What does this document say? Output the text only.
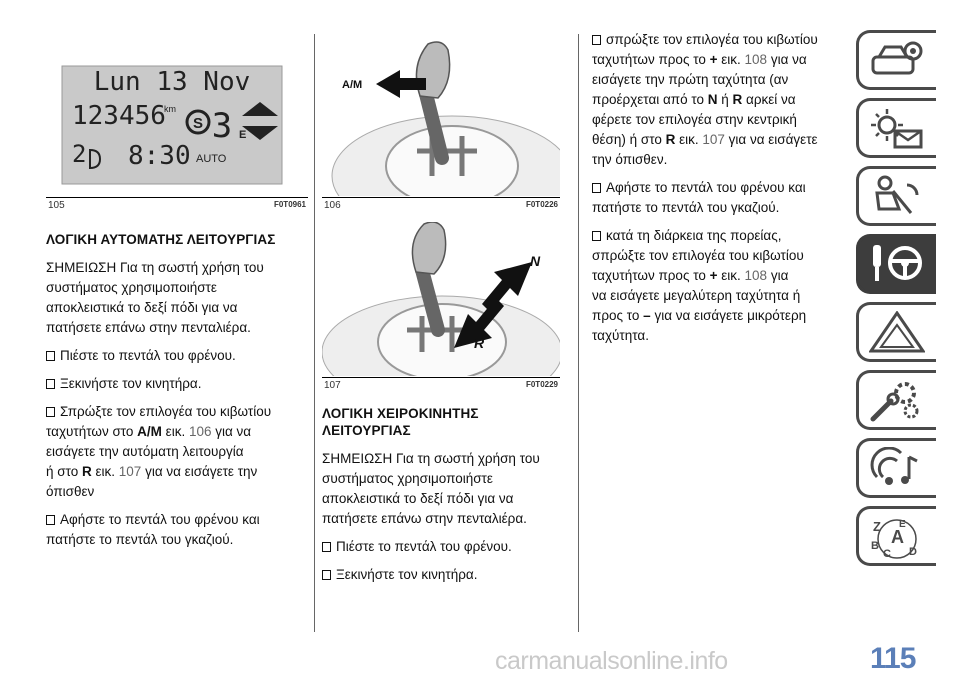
Lun 13 Nov
123456
km
S 3 E
2 8:30 AUTO
105	F0T0961
ΛΟΓΙΚΗ ΑΥΤΟΜΑΤΗΣ ΛΕΙΤΟΥΡΓΙΑΣ

ΣΗΜΕΙΩΣΗ Για τη σωστή χρήση του

συστήματος χρησιμοποιήστε

αποκλειστικά το δεξί πόδι για να

πατήσετε επάνω στην πενταλιέρα.

Πιέστε το πεντάλ του φρένου.

Ξεκινήστε τον κινητήρα.

Σπρώξτε τον επιλογέα του κιβωτίου

ταχυτήτων στο A/M εικ. 106 για να

εισάγετε την αυτόματη λειτουργία

ή στο R εικ. 107 για να εισάγετε την

όπισθεν

Αφήστε το πεντάλ του φρένου και

πατήστε το πεντάλ του γκαζιού.

A/M
106	F0T0226
N
R
107	F0T0229
ΛΟΓΙΚΗ ΧΕΙΡΟΚΙΝΗΤΗΣ
ΛΕΙΤΟΥΡΓΙΑΣ

ΣΗΜΕΙΩΣΗ Για τη σωστή χρήση του

συστήματος χρησιμοποιήστε

αποκλειστικά το δεξί πόδι για να

πατήσετε επάνω στην πενταλιέρα.

Πιέστε το πεντάλ του φρένου.

Ξεκινήστε τον κινητήρα.

σπρώξτε τον επιλογέα του κιβωτίου

ταχυτήτων προς το + εικ. 108 για να

εισάγετε την πρώτη ταχύτητα (αν

προέρχεται από το N ή R αρκεί να

φέρετε τον επιλογέα στην κεντρική

θέση) ή στο R εικ. 107 για να εισάγετε

την όπισθεν.

Αφήστε το πεντάλ του φρένου και

πατήστε το πεντάλ του γκαζιού.

κατά τη διάρκεια της πορείας,

σπρώξτε τον επιλογέα του κιβωτίου

ταχυτήτων προς το + εικ. 108 για

να εισάγετε μεγαλύτερη ταχύτητα ή

προς το – για να εισάγετε μικρότερη

ταχύτητα.

Z E
A
B
C D
carmanualsonline.info	115
